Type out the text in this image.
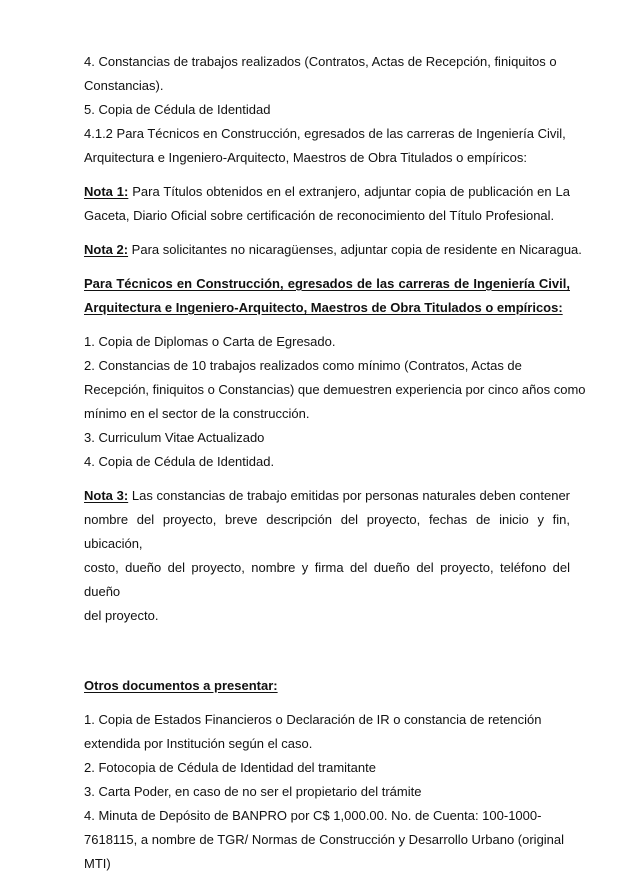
4. Constancias de trabajos realizados (Contratos, Actas de Recepción, finiquitos o
Constancias).
5. Copia de Cédula de Identidad
4.1.2 Para Técnicos en Construcción, egresados de las carreras de Ingeniería Civil,
Arquitectura e Ingeniero-Arquitecto, Maestros de Obra Titulados o empíricos:
Nota 1: Para Títulos obtenidos en el extranjero, adjuntar copia de publicación en La
Gaceta, Diario Oficial sobre certificación de reconocimiento del Título Profesional.
Nota 2: Para solicitantes no nicaragüenses, adjuntar copia de residente en Nicaragua.
Para Técnicos en Construcción, egresados de las carreras de Ingeniería Civil,
Arquitectura e Ingeniero-Arquitecto, Maestros de Obra Titulados o empíricos:
1. Copia de Diplomas o Carta de Egresado.
2. Constancias de 10 trabajos realizados como mínimo (Contratos, Actas de
Recepción, finiquitos o Constancias) que demuestren experiencia por cinco años como
mínimo en el sector de la construcción.
3. Curriculum Vitae Actualizado
4. Copia de Cédula de Identidad.
Nota 3: Las constancias de trabajo emitidas por personas naturales deben contener
nombre del proyecto, breve descripción del proyecto, fechas de inicio y fin, ubicación,
costo, dueño del proyecto, nombre y firma del dueño del proyecto, teléfono del dueño
del proyecto.
Otros documentos a presentar:
1. Copia de Estados Financieros o Declaración de IR o constancia de retención
extendida por Institución según el caso.
2. Fotocopia de Cédula de Identidad del tramitante
3. Carta Poder, en caso de no ser el propietario del trámite
4. Minuta de Depósito de BANPRO por C$ 1,000.00. No. de Cuenta: 100-1000-
7618115, a nombre de TGR/ Normas de Construcción y Desarrollo Urbano (original
MTI)
